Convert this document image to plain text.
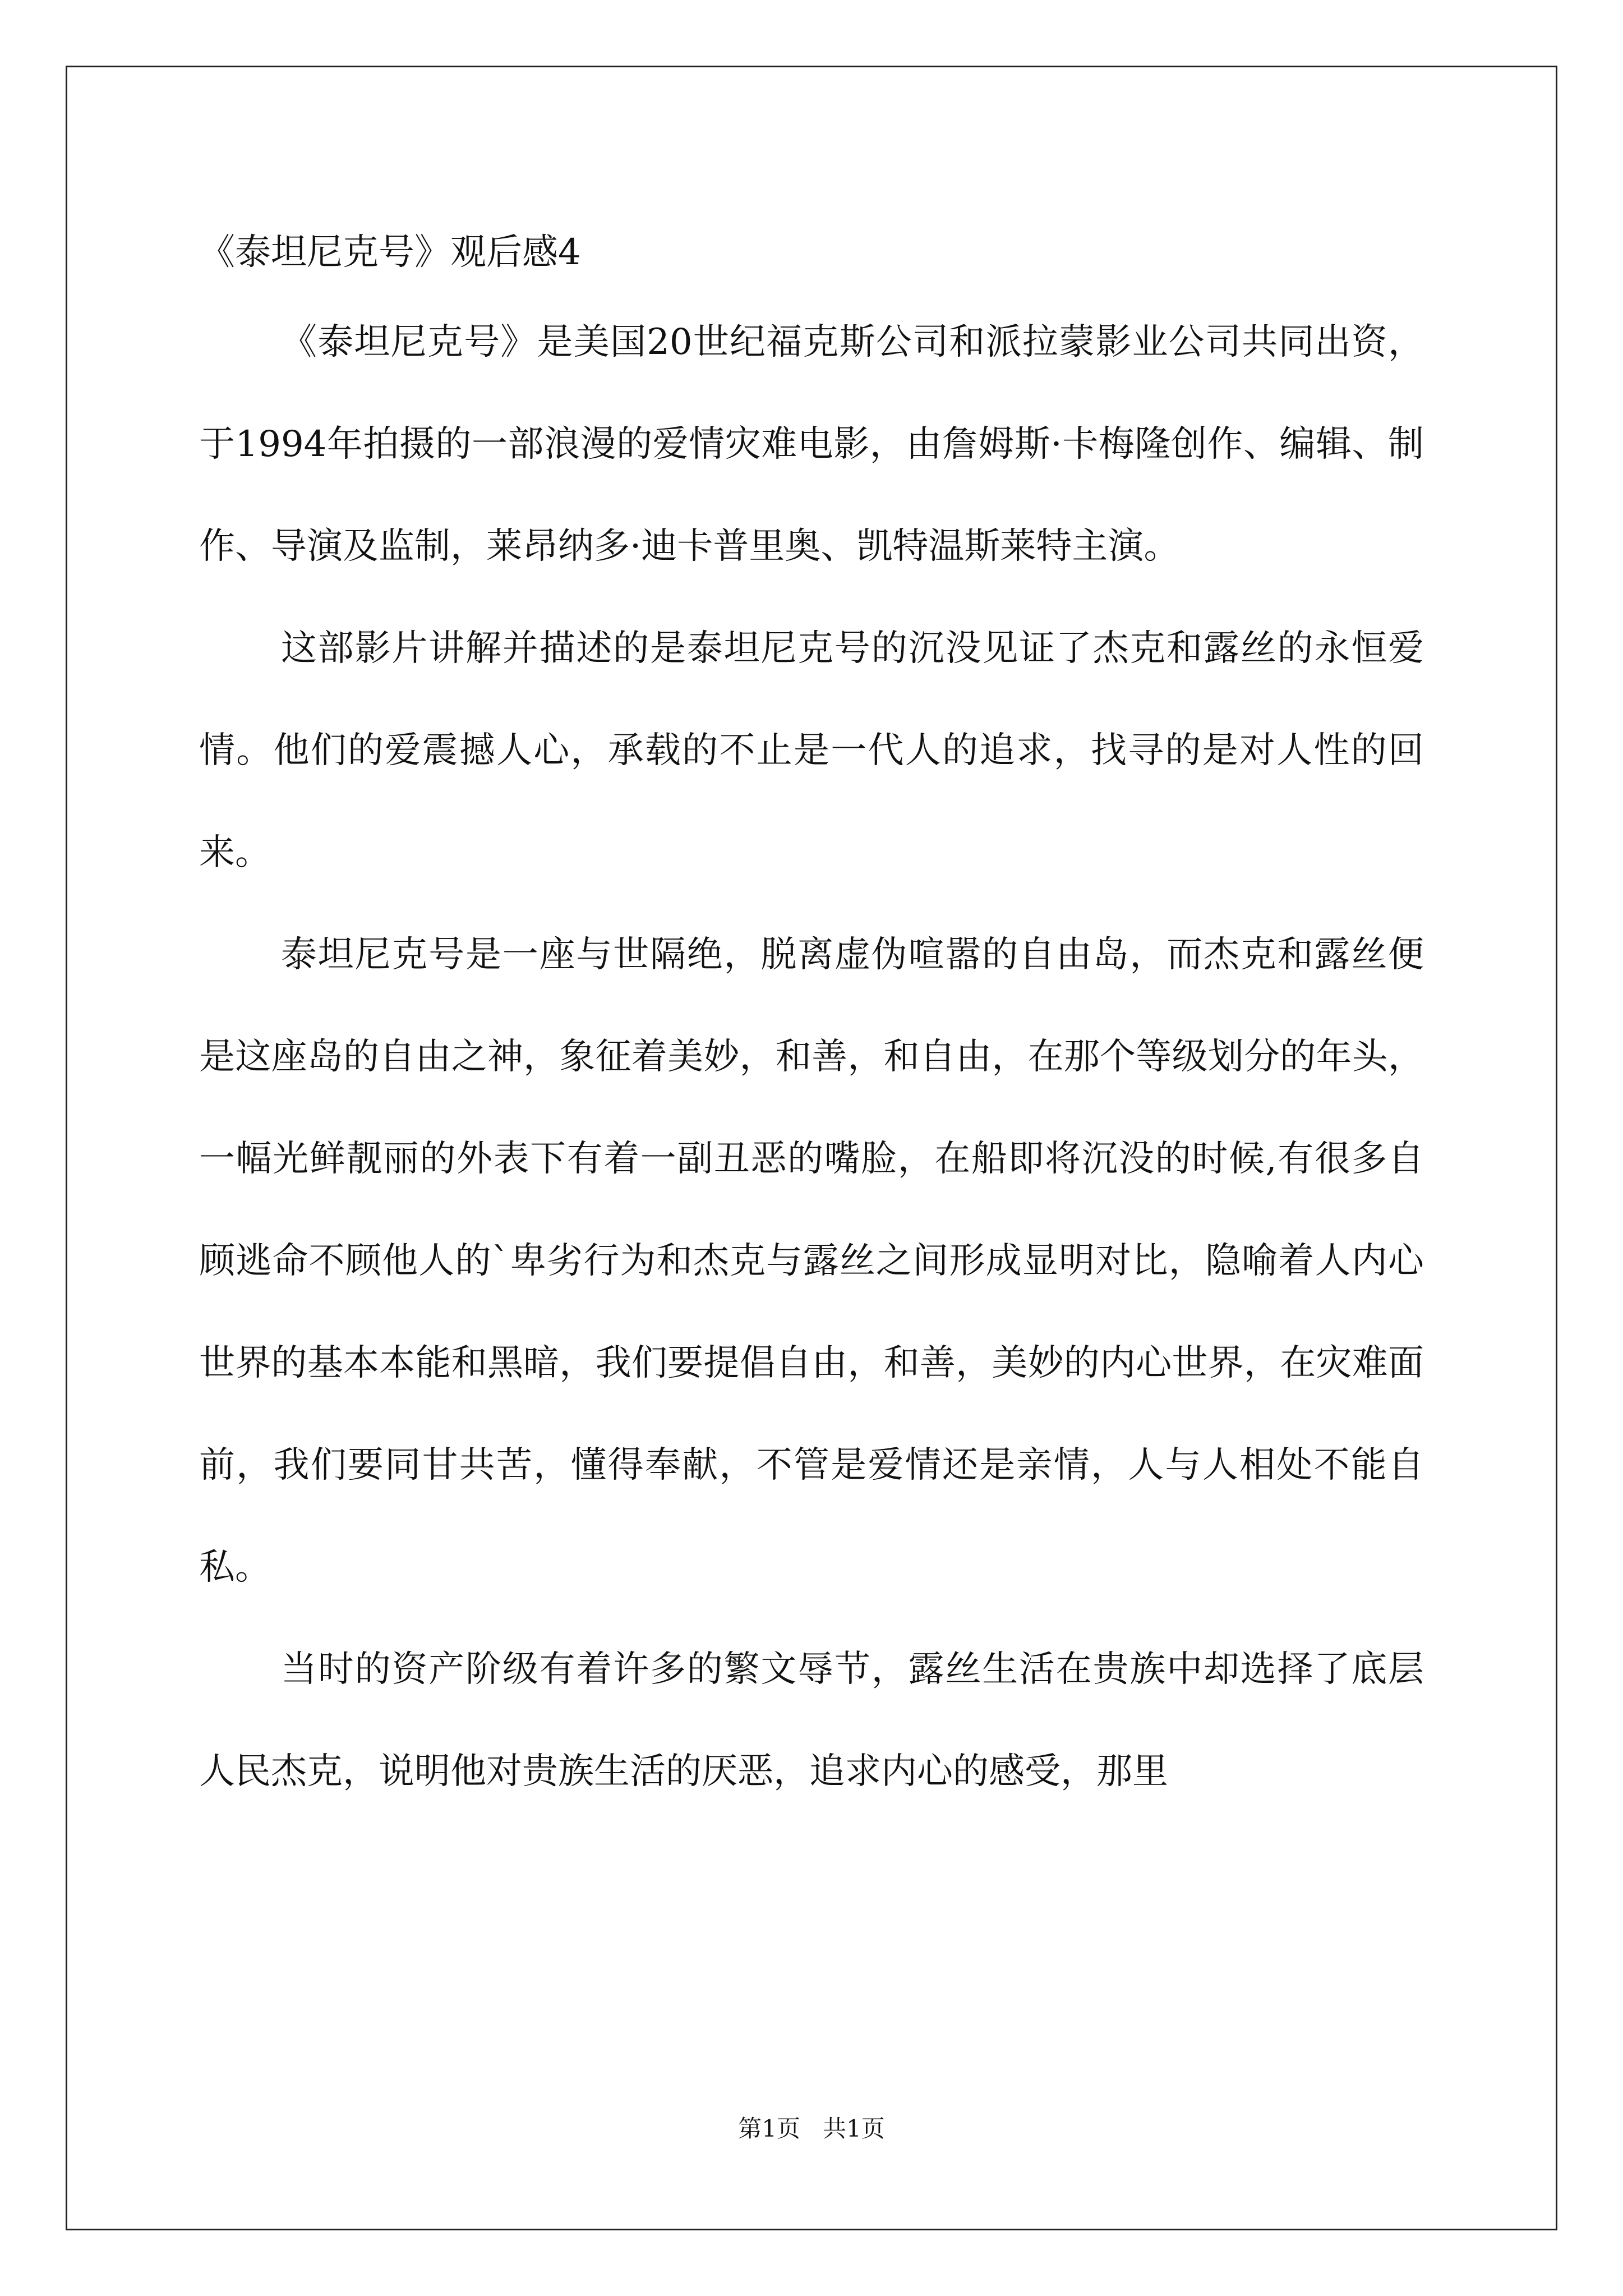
《泰坦尼克号》观后感4

《泰坦尼克号》是美国20世纪福克斯公司和派拉蒙影业公司共同出资，于1994年拍摄的一部浪漫的爱情灾难电影，由詹姆斯·卡梅隆创作、编辑、制作、导演及监制，莱昂纳多·迪卡普里奥、凯特温斯莱特主演。

这部影片讲解并描述的是泰坦尼克号的沉没见证了杰克和露丝的永恒爱情。他们的爱震撼人心，承载的不止是一代人的追求，找寻的是对人性的回来。

泰坦尼克号是一座与世隔绝，脱离虚伪喧嚣的自由岛，而杰克和露丝便是这座岛的自由之神，象征着美妙，和善，和自由，在那个等级划分的年头，一幅光鲜靓丽的外表下有着一副丑恶的嘴脸，在船即将沉没的时候,有很多自顾逃命不顾他人的`卑劣行为和杰克与露丝之间形成显明对比，隐喻着人内心世界的基本本能和黑暗，我们要提倡自由，和善，美妙的内心世界，在灾难面前，我们要同甘共苦，懂得奉献，不管是爱情还是亲情，人与人相处不能自私。

当时的资产阶级有着许多的繁文辱节，露丝生活在贵族中却选择了底层人民杰克，说明他对贵族生活的厌恶，追求内心的感受，那里

第1页   共1页
